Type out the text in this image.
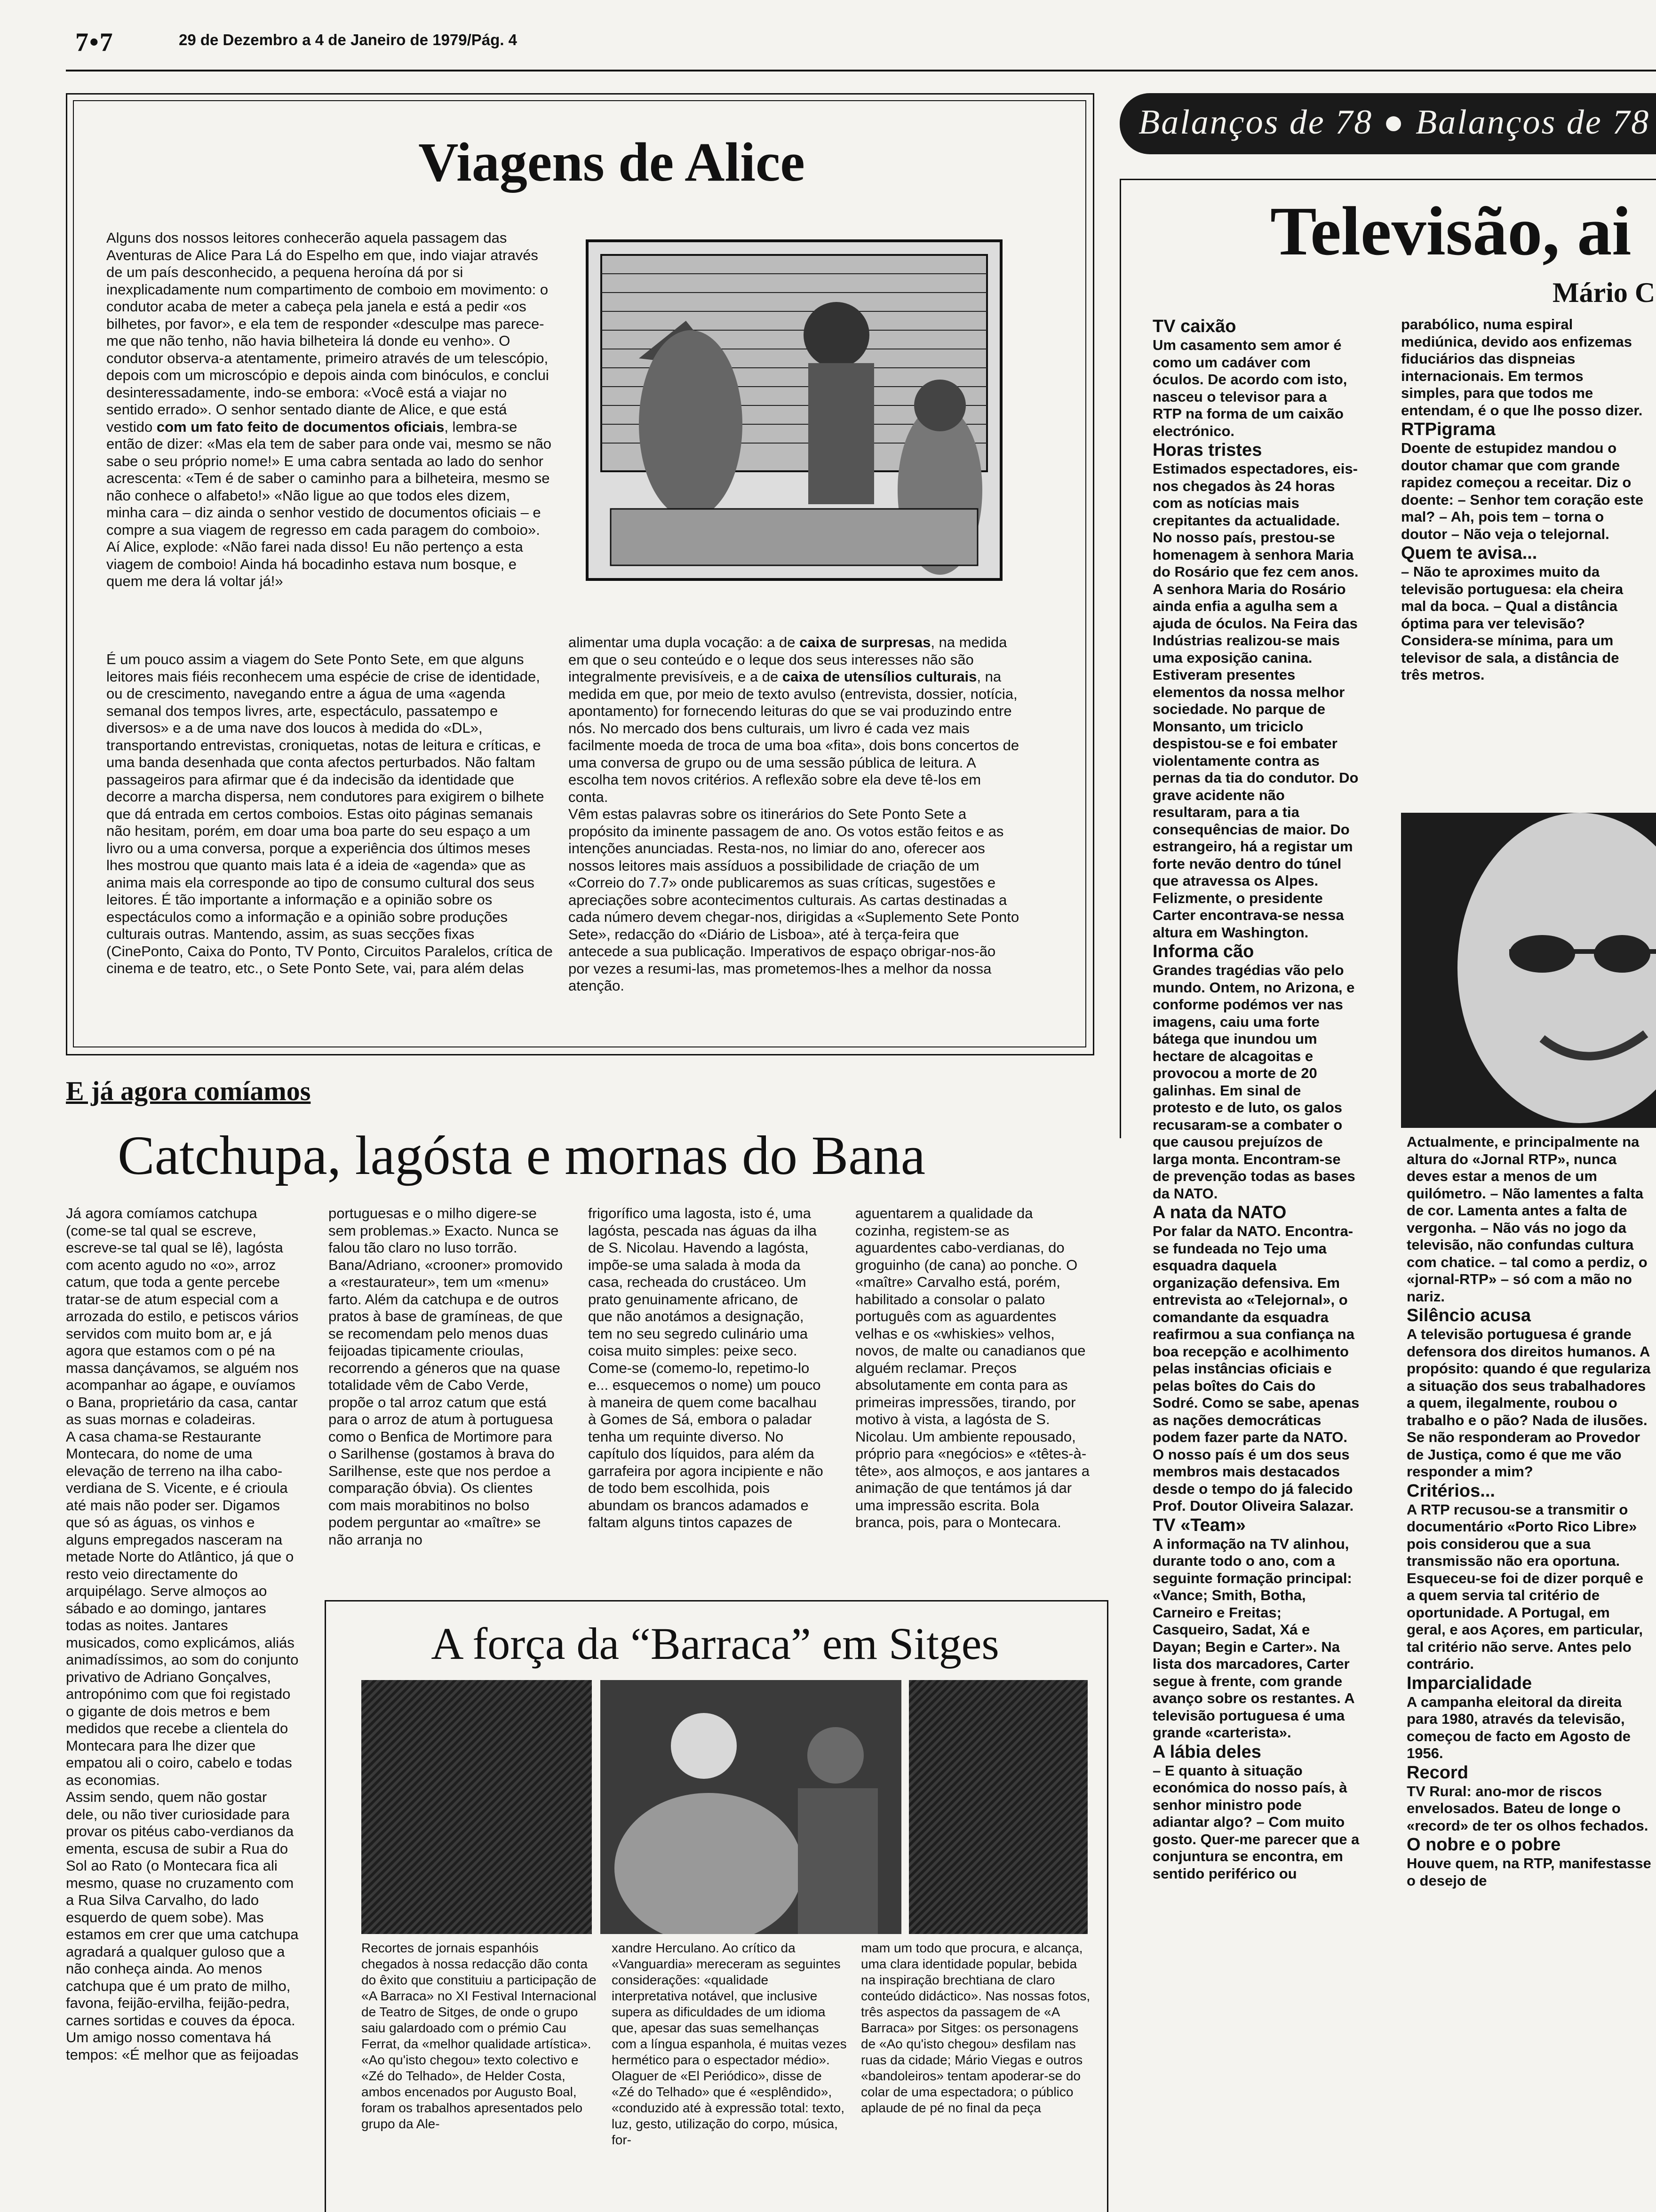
7•7	29 de Dezembro a 4 de Janeiro de 1979/Pág. 4
Viagens de Alice

Alguns dos nossos leitores conhecerão aquela passagem das Aventuras de Alice Para Lá do Espelho em que, indo viajar através de um país desconhecido, a pequena heroína dá por si inexplicadamente num compartimento de comboio em movimento: o condutor acaba de meter a cabeça pela janela e está a pedir «os bilhetes, por favor», e ela tem de responder «desculpe mas parece-me que não tenho, não havia bilheteira lá donde eu venho». O condutor observa-a atentamente, primeiro através de um telescópio, depois com um microscópio e depois ainda com binóculos, e conclui desinteressadamente, indo-se embora: «Você está a viajar no sentido errado». O senhor sentado diante de Alice, e que está vestido com um fato feito de documentos oficiais, lembra-se então de dizer: «Mas ela tem de saber para onde vai, mesmo se não sabe o seu próprio nome!» E uma cabra sentada ao lado do senhor acrescenta: «Tem é de saber o caminho para a bilheteira, mesmo se não conhece o alfabeto!» «Não ligue ao que todos eles dizem, minha cara – diz ainda o senhor vestido de documentos oficiais – e compre a sua viagem de regresso em cada paragem do comboio». Aí Alice, explode: «Não farei nada disso! Eu não pertenço a esta viagem de comboio! Ainda há bocadinho estava num bosque, e quem me dera lá voltar já!»

É um pouco assim a viagem do Sete Ponto Sete, em que alguns leitores mais fiéis reconhecem uma espécie de crise de identidade, ou de crescimento, navegando entre a água de uma «agenda semanal dos tempos livres, arte, espectáculo, passatempo e diversos» e a de uma nave dos loucos à medida do «DL», transportando entrevistas, croniquetas, notas de leitura e críticas, e uma banda desenhada que conta afectos perturbados. Não faltam passageiros para afirmar que é da indecisão da identidade que decorre a marcha dispersa, nem condutores para exigirem o bilhete que dá entrada em certos comboios. Estas oito páginas semanais não hesitam, porém, em doar uma boa parte do seu espaço a um livro ou a uma conversa, porque a experiência dos últimos meses lhes mostrou que quanto mais lata é a ideia de «agenda» que as anima mais ela corresponde ao tipo de consumo cultural dos seus leitores. É tão importante a informação e a opinião sobre os espectáculos como a informação e a opinião sobre produções culturais outras. Mantendo, assim, as suas secções fixas (CinePonto, Caixa do Ponto, TV Ponto, Circuitos Paralelos, crítica de cinema e de teatro, etc., o Sete Ponto Sete, vai, para além delas

alimentar uma dupla vocação: a de caixa de surpresas, na medida em que o seu conteúdo e o leque dos seus interesses não são integralmente previsíveis, e a de caixa de utensílios culturais, na medida em que, por meio de texto avulso (entrevista, dossier, notícia, apontamento) for fornecendo leituras do que se vai produzindo entre nós. No mercado dos bens culturais, um livro é cada vez mais facilmente moeda de troca de uma boa «fita», dois bons concertos de uma conversa de grupo ou de uma sessão pública de leitura. A escolha tem novos critérios. A reflexão sobre ela deve tê-los em conta.

Vêm estas palavras sobre os itinerários do Sete Ponto Sete a propósito da iminente passagem de ano. Os votos estão feitos e as intenções anunciadas. Resta-nos, no limiar do ano, oferecer aos nossos leitores mais assíduos a possibilidade de criação de um «Correio do 7.7» onde publicaremos as suas críticas, sugestões e apreciações sobre acontecimentos culturais. As cartas destinadas a cada número devem chegar-nos, dirigidas a «Suplemento Sete Ponto Sete», redacção do «Diário de Lisboa», até à terça-feira que antecede a sua publicação. Imperativos de espaço obrigar-nos-ão por vezes a resumi-las, mas prometemos-lhes a melhor da nossa atenção.

E já agora comíamos
Catchupa, lagósta e mornas do Bana

Já agora comíamos catchupa (come-se tal qual se escreve, escreve-se tal qual se lê), lagósta com acento agudo no «o», arroz catum, que toda a gente percebe tratar-se de atum especial com a arrozada do estilo, e petiscos vários servidos com muito bom ar, e já agora que estamos com o pé na massa dançávamos, se alguém nos acompanhar ao ágape, e ouvíamos o Bana, proprietário da casa, cantar as suas mornas e coladeiras.

A casa chama-se Restaurante Montecara, do nome de uma elevação de terreno na ilha cabo-verdiana de S. Vicente, e é crioula até mais não poder ser. Digamos que só as águas, os vinhos e alguns empregados nasceram na metade Norte do Atlântico, já que o resto veio directamente do arquipélago. Serve almoços ao sábado e ao domingo, jantares todas as noites. Jantares musicados, como explicámos, aliás animadíssimos, ao som do conjunto privativo de Adriano Gonçalves, antropónimo com que foi registado o gigante de dois metros e bem medidos que recebe a clientela do Montecara para lhe dizer que empatou ali o coiro, cabelo e todas as economias.

Assim sendo, quem não gostar dele, ou não tiver curiosidade para provar os pitéus cabo-verdianos da ementa, escusa de subir a Rua do Sol ao Rato (o Montecara fica ali mesmo, quase no cruzamento com a Rua Silva Carvalho, do lado esquerdo de quem sobe). Mas estamos em crer que uma catchupa agradará a qualquer guloso que a não conheça ainda. Ao menos catchupa que é um prato de milho, favona, feijão-ervilha, feijão-pedra, carnes sortidas e couves da época. Um amigo nosso comentava há tempos: «É melhor que as feijoadas

portuguesas e o milho digere-se sem problemas.» Exacto. Nunca se falou tão claro no luso torrão. Bana/Adriano, «crooner» promovido a «restaurateur», tem um «menu» farto. Além da catchupa e de outros pratos à base de gramíneas, de que se recomendam pelo menos duas feijoadas tipicamente crioulas, recorrendo a géneros que na quase totalidade vêm de Cabo Verde, propõe o tal arroz catum que está para o arroz de atum à portuguesa como o Benfica de Mortimore para o Sarilhense (gostamos à brava do Sarilhense, este que nos perdoe a comparação óbvia). Os clientes com mais morabitinos no bolso podem perguntar ao «maître» se não arranja no

frigorífico uma lagosta, isto é, uma lagósta, pescada nas águas da ilha de S. Nicolau. Havendo a lagósta, impõe-se uma salada à moda da casa, recheada do crustáceo. Um prato genuinamente africano, de que não anotámos a designação, tem no seu segredo culinário uma coisa muito simples: peixe seco. Come-se (comemo-lo, repetimo-lo e... esquecemos o nome) um pouco à maneira de quem come bacalhau à Gomes de Sá, embora o paladar tenha um requinte diverso. No capítulo dos líquidos, para além da garrafeira por agora incipiente e não de todo bem escolhida, pois abundam os brancos adamados e faltam alguns tintos capazes de

aguentarem a qualidade da cozinha, registem-se as aguardentes cabo-verdianas, do groguinho (de cana) ao ponche. O «maître» Carvalho está, porém, habilitado a consolar o palato português com as aguardentes velhas e os «whiskies» velhos, novos, de malte ou canadianos que alguém reclamar. Preços absolutamente em conta para as primeiras impressões, tirando, por motivo à vista, a lagósta de S. Nicolau. Um ambiente repousado, próprio para «negócios» e «têtes-à-tête», aos almoços, e aos jantares a animação de que tentámos já dar uma impressão escrita. Bola branca, pois, para o Montecara.

A força da “Barraca” em Sitges

Recortes de jornais espanhóis chegados à nossa redacção dão conta do êxito que constituiu a participação de «A Barraca» no XI Festival Internacional de Teatro de Sitges, de onde o grupo saiu galardoado com o prémio Cau Ferrat, da «melhor qualidade artística». «Ao qu'isto chegou» texto colectivo e «Zé do Telhado», de Helder Costa, ambos encenados por Augusto Boal, foram os trabalhos apresentados pelo grupo da Ale-

xandre Herculano. Ao crítico da «Vanguardia» mereceram as seguintes considerações: «qualidade interpretativa notável, que inclusive supera as dificuldades de um idioma que, apesar das suas semelhanças com a língua espanhola, é muitas vezes hermético para o espectador médio». Olaguer de «El Periódico», disse de «Zé do Telhado» que é «esplêndido», «conduzido até à expressão total: texto, luz, gesto, utilização do corpo, música, for-

mam um todo que procura, e alcança, uma clara identidade popular, bebida na inspiração brechtiana de claro conteúdo didáctico». Nas nossas fotos, três aspectos da passagem de «A Barraca» por Sitges: os personagens de «Ao qu'isto chegou» desfilam nas ruas da cidade; Mário Viegas e outros «bandoleiros» tentam apoderar-se do colar de uma espectadora; o público aplaude de pé no final da peça

Balanços de 78 ● Balanços de 78
Televisão, ai
Mário C

TV caixão

Um casamento sem amor é como um cadáver com óculos. De acordo com isto, nasceu o televisor para a RTP na forma de um caixão electrónico.

Horas tristes

Estimados espectadores, eis-nos chegados às 24 horas com as notícias mais crepitantes da actualidade. No nosso país, prestou-se homenagem à senhora Maria do Rosário que fez cem anos. A senhora Maria do Rosário ainda enfia a agulha sem a ajuda de óculos. Na Feira das Indústrias realizou-se mais uma exposição canina. Estiveram presentes elementos da nossa melhor sociedade. No parque de Monsanto, um triciclo despistou-se e foi embater violentamente contra as pernas da tia do condutor. Do grave acidente não resultaram, para a tia consequências de maior. Do estrangeiro, há a registar um forte nevão dentro do túnel que atravessa os Alpes. Felizmente, o presidente Carter encontrava-se nessa altura em Washington.

Informa cão

Grandes tragédias vão pelo mundo. Ontem, no Arizona, e conforme podémos ver nas imagens, caiu uma forte bátega que inundou um hectare de alcagoitas e provocou a morte de 20 galinhas. Em sinal de protesto e de luto, os galos recusaram-se a combater o que causou prejuízos de larga monta. Encontram-se de prevenção todas as bases da NATO.

A nata da NATO

Por falar da NATO. Encontra-se fundeada no Tejo uma esquadra daquela organização defensiva. Em entrevista ao «Telejornal», o comandante da esquadra reafirmou a sua confiança na boa recepção e acolhimento pelas instâncias oficiais e pelas boîtes do Cais do Sodré. Como se sabe, apenas as nações democráticas podem fazer parte da NATO. O nosso país é um dos seus membros mais destacados desde o tempo do já falecido Prof. Doutor Oliveira Salazar.

TV «Team»

A informação na TV alinhou, durante todo o ano, com a seguinte formação principal: «Vance; Smith, Botha, Carneiro e Freitas; Casqueiro, Sadat, Xá e Dayan; Begin e Carter». Na lista dos marcadores, Carter segue à frente, com grande avanço sobre os restantes. A televisão portuguesa é uma grande «carterista».

A lábia deles

– E quanto à situação económica do nosso país, à senhor ministro pode adiantar algo? – Com muito gosto. Quer-me parecer que a conjuntura se encontra, em sentido periférico ou

parabólico, numa espiral mediúnica, devido aos enfizemas fiduciários das dispneias internacionais. Em termos simples, para que todos me entendam, é o que lhe posso dizer.

RTPigrama

Doente de estupidez mandou o doutor chamar que com grande rapidez começou a receitar. Diz o doente: – Senhor tem coração este mal? – Ah, pois tem – torna o doutor – Não veja o telejornal.

Quem te avisa...

– Não te aproximes muito da televisão portuguesa: ela cheira mal da boca. – Qual a distância óptima para ver televisão? Considera-se mínima, para um televisor de sala, a distância de três metros.

Actualmente, e principalmente na altura do «Jornal RTP», nunca deves estar a menos de um quilómetro. – Não lamentes a falta de cor. Lamenta antes a falta de vergonha. – Não vás no jogo da televisão, não confundas cultura com chatice. – tal como a perdiz, o «jornal-RTP» – só com a mão no nariz.

Silêncio acusa

A televisão portuguesa é grande defensora dos direitos humanos. A propósito: quando é que regulariza a situação dos seus trabalhadores a quem, ilegalmente, roubou o trabalho e o pão? Nada de ilusões. Se não responderam ao Provedor de Justiça, como é que me vão responder a mim?

Critérios...

A RTP recusou-se a transmitir o documentário «Porto Rico Libre» pois considerou que a sua transmissão não era oportuna. Esqueceu-se foi de dizer porquê e a quem servia tal critério de oportunidade. A Portugal, em geral, e aos Açores, em particular, tal critério não serve. Antes pelo contrário.

Imparcialidade

A campanha eleitoral da direita para 1980, através da televisão, começou de facto em Agosto de 1956.

Record

TV Rural: ano-mor de riscos envelosados. Bateu de longe o «record» de ter os olhos fechados.

O nobre e o pobre

Houve quem, na RTP, manifestasse o desejo de
